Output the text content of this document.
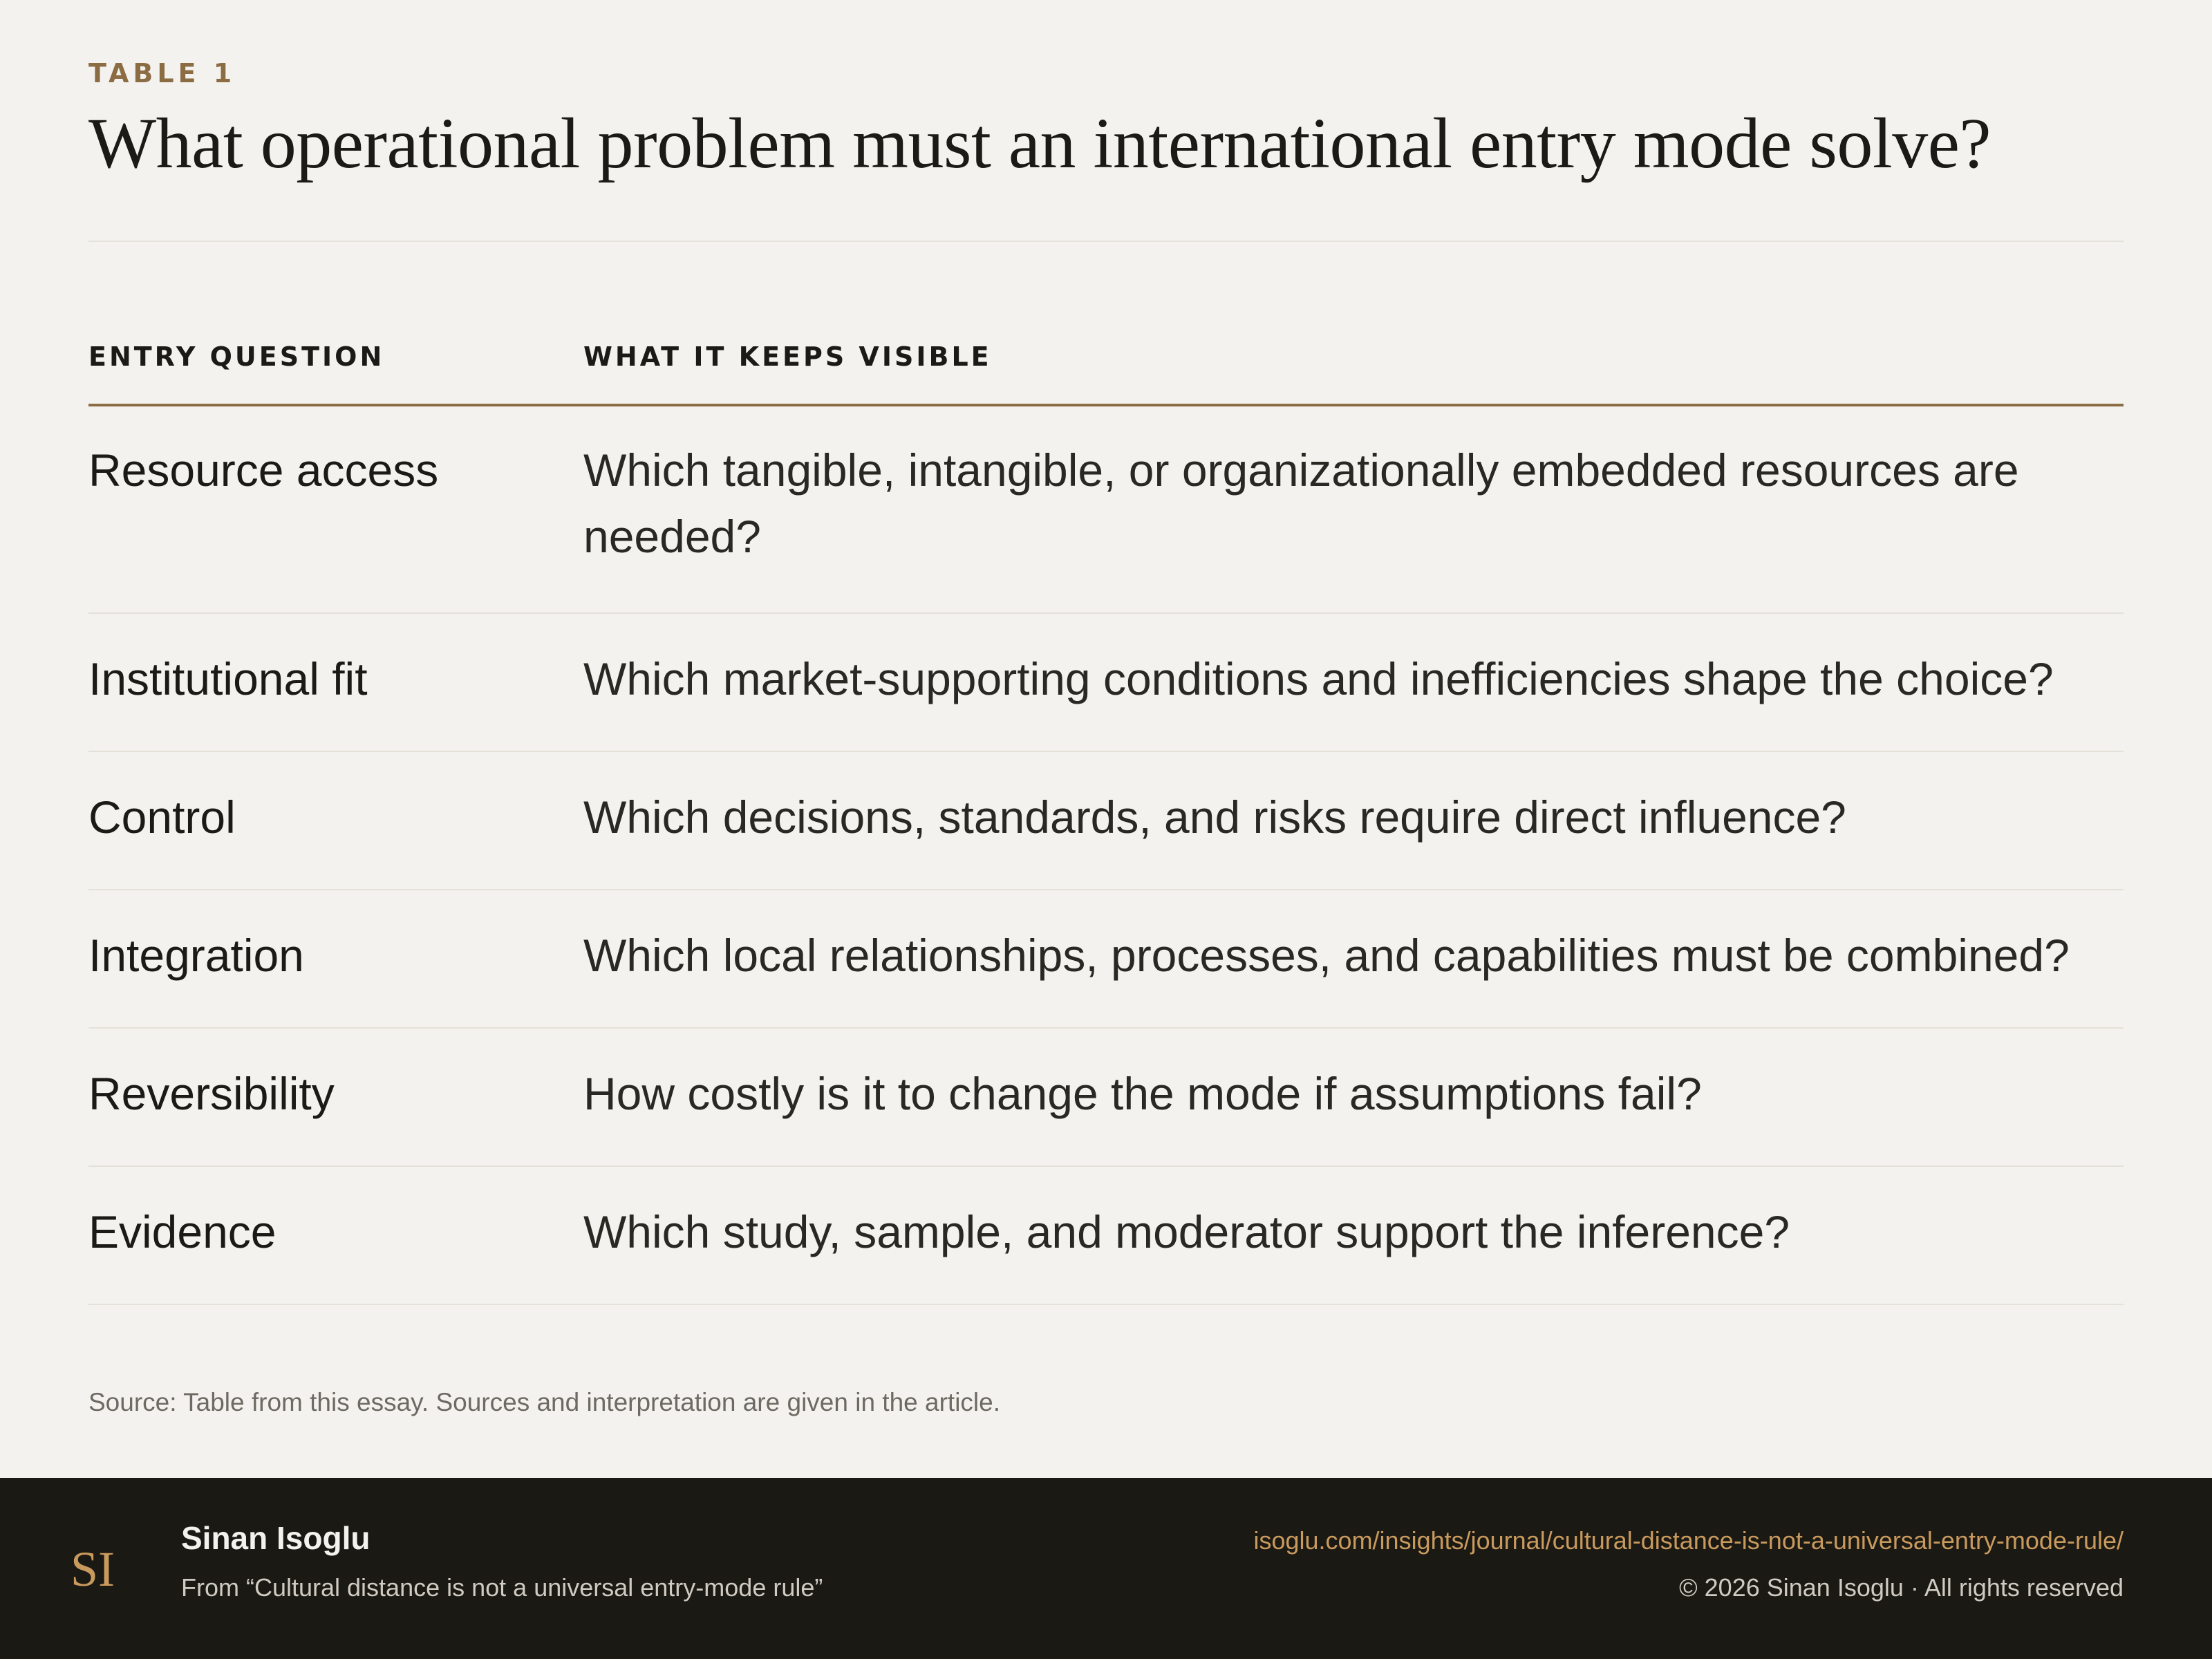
TABLE 1

What operational problem must an international entry mode solve?
ENTRY QUESTION	WHAT IT KEEPS VISIBLE
Resource access	Which tangible, intangible, or organizationally embedded resources are needed?
Institutional fit	Which market-supporting conditions and inefficiencies shape the choice?
Control	Which decisions, standards, and risks require direct influence?
Integration	Which local relationships, processes, and capabilities must be combined?
Reversibility	How costly is it to change the mode if assumptions fail?
Evidence	Which study, sample, and moderator support the inference?

Source: Table from this essay. Sources and interpretation are given in the article.

SI
Sinan Isoglu
From “Cultural distance is not a universal entry-mode rule”
isoglu.com/insights/journal/cultural-distance-is-not-a-universal-entry-mode-rule/
© 2026 Sinan Isoglu · All rights reserved
